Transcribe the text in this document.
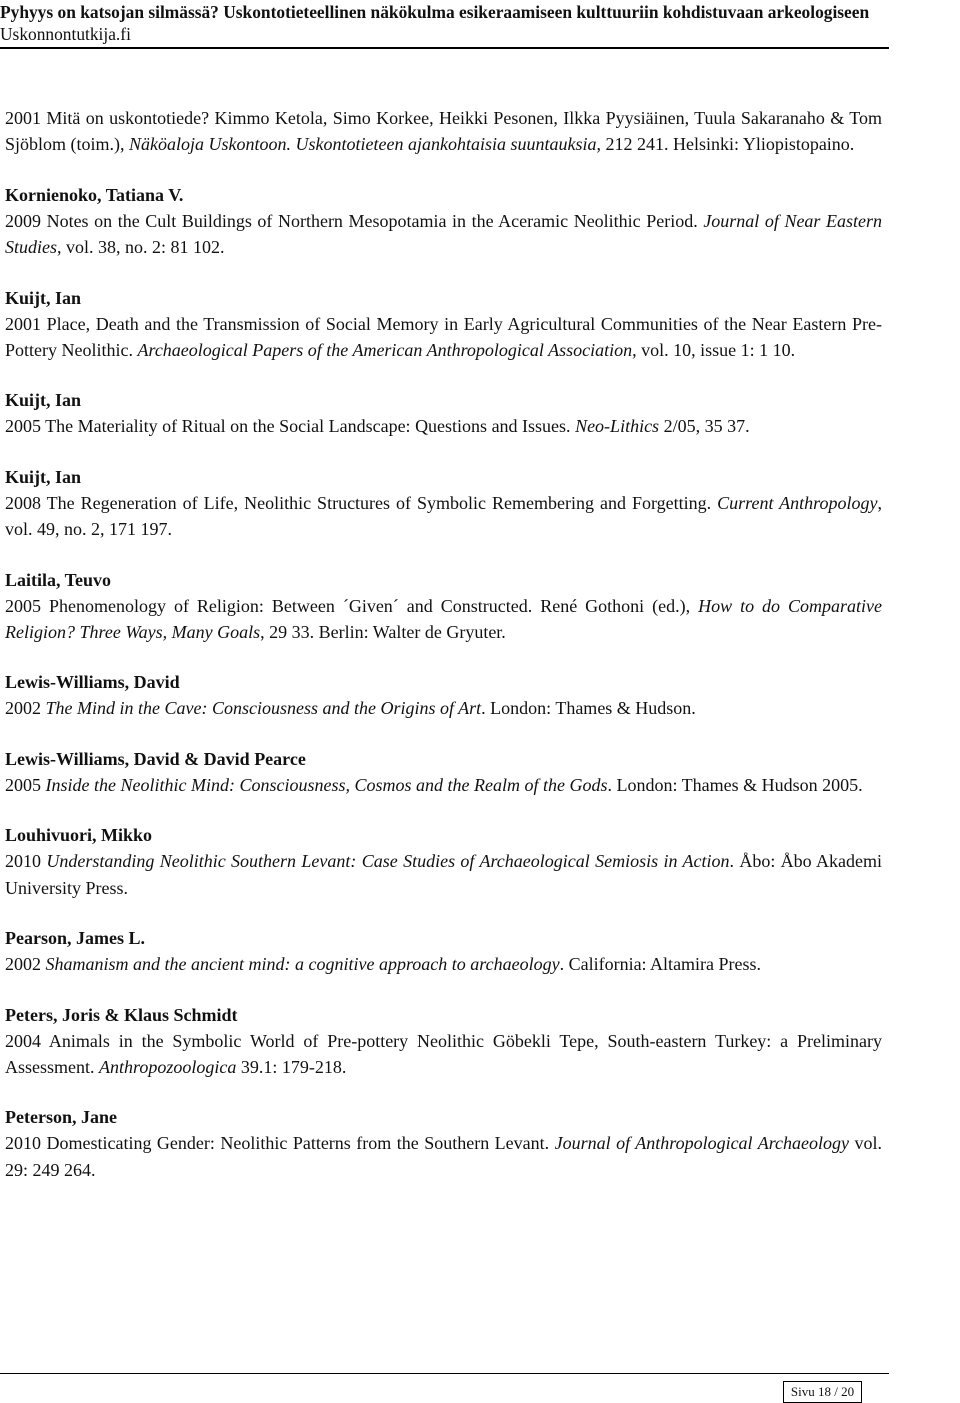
Pyhyys on katsojan silmässä? Uskontotieteellinen näkökulma esikeraamiseen kulttuuriin kohdistuvaan arkeologiseen
Uskonnontutkija.fi
2001 Mitä on uskontotiede? Kimmo Ketola, Simo Korkee, Heikki Pesonen, Ilkka Pyysiäinen, Tuula Sakaranaho & Tom Sjöblom (toim.), Näköaloja Uskontoon. Uskontotieteen ajankohtaisia suuntauksia, 212 241. Helsinki: Yliopistopaino.
Kornienoko, Tatiana V.
2009 Notes on the Cult Buildings of Northern Mesopotamia in the Aceramic Neolithic Period. Journal of Near Eastern Studies, vol. 38, no. 2: 81 102.
Kuijt, Ian
2001 Place, Death and the Transmission of Social Memory in Early Agricultural Communities of the Near Eastern Pre-Pottery Neolithic. Archaeological Papers of the American Anthropological Association, vol. 10, issue 1: 1 10.
Kuijt, Ian
2005 The Materiality of Ritual on the Social Landscape: Questions and Issues. Neo-Lithics 2/05, 35 37.
Kuijt, Ian
2008 The Regeneration of Life, Neolithic Structures of Symbolic Remembering and Forgetting. Current Anthropology, vol. 49, no. 2, 171 197.
Laitila, Teuvo
2005 Phenomenology of Religion: Between ´Given´ and Constructed. René Gothoni (ed.), How to do Comparative Religion? Three Ways, Many Goals, 29 33. Berlin: Walter de Gryuter.
Lewis-Williams, David
2002 The Mind in the Cave: Consciousness and the Origins of Art. London: Thames & Hudson.
Lewis-Williams, David & David Pearce
2005 Inside the Neolithic Mind: Consciousness, Cosmos and the Realm of the Gods. London: Thames & Hudson 2005.
Louhivuori, Mikko
2010 Understanding Neolithic Southern Levant: Case Studies of Archaeological Semiosis in Action. Åbo: Åbo Akademi University Press.
Pearson, James L.
2002 Shamanism and the ancient mind: a cognitive approach to archaeology. California: Altamira Press.
Peters, Joris & Klaus Schmidt
2004 Animals in the Symbolic World of Pre-pottery Neolithic Göbekli Tepe, South-eastern Turkey: a Preliminary Assessment. Anthropozoologica 39.1: 179-218.
Peterson, Jane
2010 Domesticating Gender: Neolithic Patterns from the Southern Levant. Journal of Anthropological Archaeology vol. 29: 249 264.
Sivu 18 / 20
